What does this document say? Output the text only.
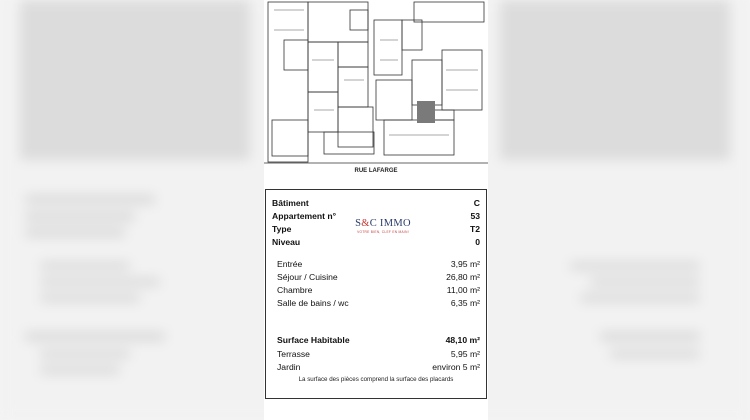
RUE LAFARGE
Bâtiment	C
Appartement n°	53
Type	T2
Niveau	0
S&C IMMO
VOTRE BIEN, CLEF EN MAIN!
Entrée	3,95 m²
Séjour / Cuisine	26,80 m²
Chambre	11,00 m²
Salle de bains / wc	6,35 m²
Surface Habitable	48,10 m²
Terrasse	5,95 m²
Jardin	environ 5 m²
La surface des pièces comprend la surface des placards
